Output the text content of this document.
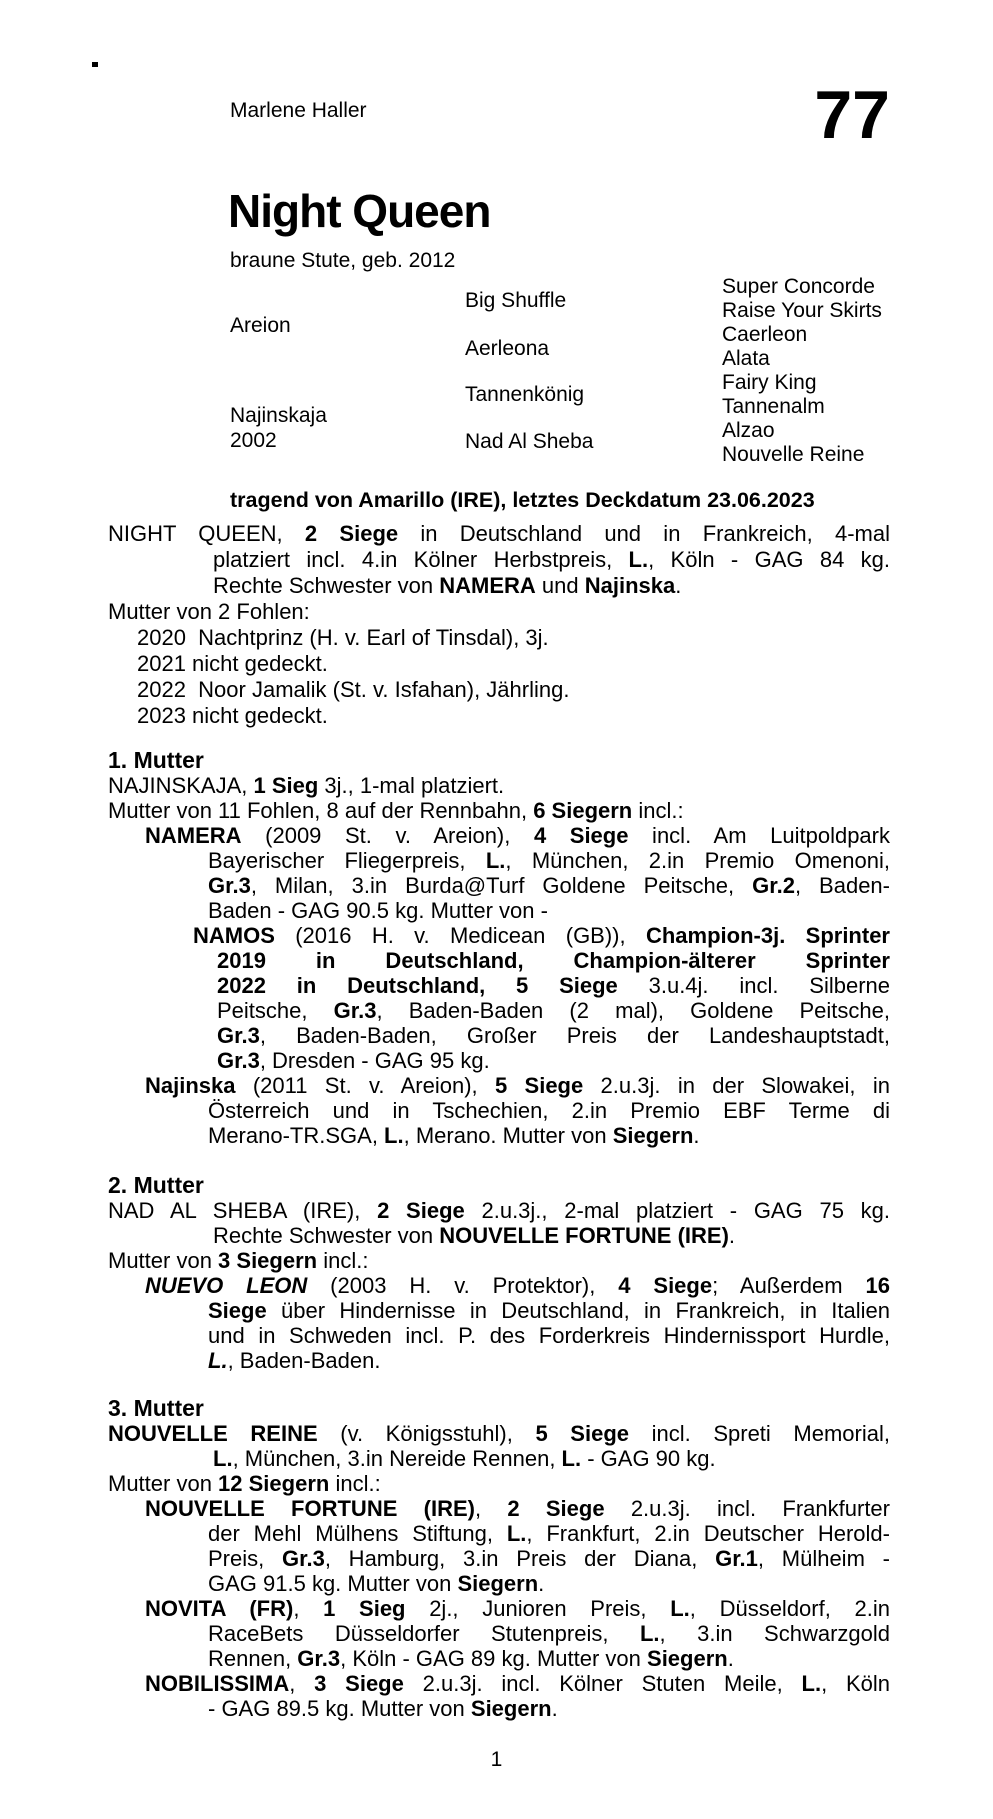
Marlene Haller	77
Night Queen
braune Stute, geb. 2012
Areion
Najinskaja
2002
Big Shuffle
Aerleona
Tannenkönig
Nad Al Sheba
Super Concorde
Raise Your Skirts
Caerleon
Alata
Fairy King
Tannenalm
Alzao
Nouvelle Reine
tragend von Amarillo (IRE), letztes Deckdatum 23.06.2023
NIGHT QUEEN, 2 Siege in Deutschland und in Frankreich, 4-mal
platziert incl. 4.in Kölner Herbstpreis, L., Köln - GAG 84 kg.
Rechte Schwester von NAMERA und Najinska.
Mutter von 2 Fohlen:
2020  Nachtprinz (H. v. Earl of Tinsdal), 3j.
2021 nicht gedeckt.
2022  Noor Jamalik (St. v. Isfahan), Jährling.
2023 nicht gedeckt.
1. Mutter
NAJINSKAJA, 1 Sieg 3j., 1-mal platziert.
Mutter von 11 Fohlen, 8 auf der Rennbahn, 6 Siegern incl.:
NAMERA (2009 St. v. Areion), 4 Siege incl. Am Luitpoldpark
Bayerischer Fliegerpreis, L., München, 2.in Premio Omenoni,
Gr.3, Milan, 3.in Burda@Turf Goldene Peitsche, Gr.2, Baden-
Baden - GAG 90.5 kg. Mutter von -
NAMOS (2016 H. v. Medicean (GB)), Champion-3j. Sprinter
2019 in Deutschland, Champion-älterer Sprinter
2022 in Deutschland, 5 Siege 3.u.4j. incl. Silberne
Peitsche, Gr.3, Baden-Baden (2 mal), Goldene Peitsche,
Gr.3, Baden-Baden, Großer Preis der Landeshauptstadt,
Gr.3, Dresden - GAG 95 kg.
Najinska (2011 St. v. Areion), 5 Siege 2.u.3j. in der Slowakei, in
Österreich und in Tschechien, 2.in Premio EBF Terme di
Merano-TR.SGA, L., Merano. Mutter von Siegern.
2. Mutter
NAD AL SHEBA (IRE), 2 Siege 2.u.3j., 2-mal platziert - GAG 75 kg.
Rechte Schwester von NOUVELLE FORTUNE (IRE).
Mutter von 3 Siegern incl.:
NUEVO LEON (2003 H. v. Protektor), 4 Siege; Außerdem 16
Siege über Hindernisse in Deutschland, in Frankreich, in Italien
und in Schweden incl. P. des Forderkreis Hindernissport Hurdle,
L., Baden-Baden.
3. Mutter
NOUVELLE REINE (v. Königsstuhl), 5 Siege incl. Spreti Memorial,
L., München, 3.in Nereide Rennen, L. - GAG 90 kg.
Mutter von 12 Siegern incl.:
NOUVELLE FORTUNE (IRE), 2 Siege 2.u.3j. incl. Frankfurter
der Mehl Mülhens Stiftung, L., Frankfurt, 2.in Deutscher Herold-
Preis, Gr.3, Hamburg, 3.in Preis der Diana, Gr.1, Mülheim -
GAG 91.5 kg. Mutter von Siegern.
NOVITA (FR), 1 Sieg 2j., Junioren Preis, L., Düsseldorf, 2.in
RaceBets Düsseldorfer Stutenpreis, L., 3.in Schwarzgold
Rennen, Gr.3, Köln - GAG 89 kg. Mutter von Siegern.
NOBILISSIMA, 3 Siege 2.u.3j. incl. Kölner Stuten Meile, L., Köln
- GAG 89.5 kg. Mutter von Siegern.
1
